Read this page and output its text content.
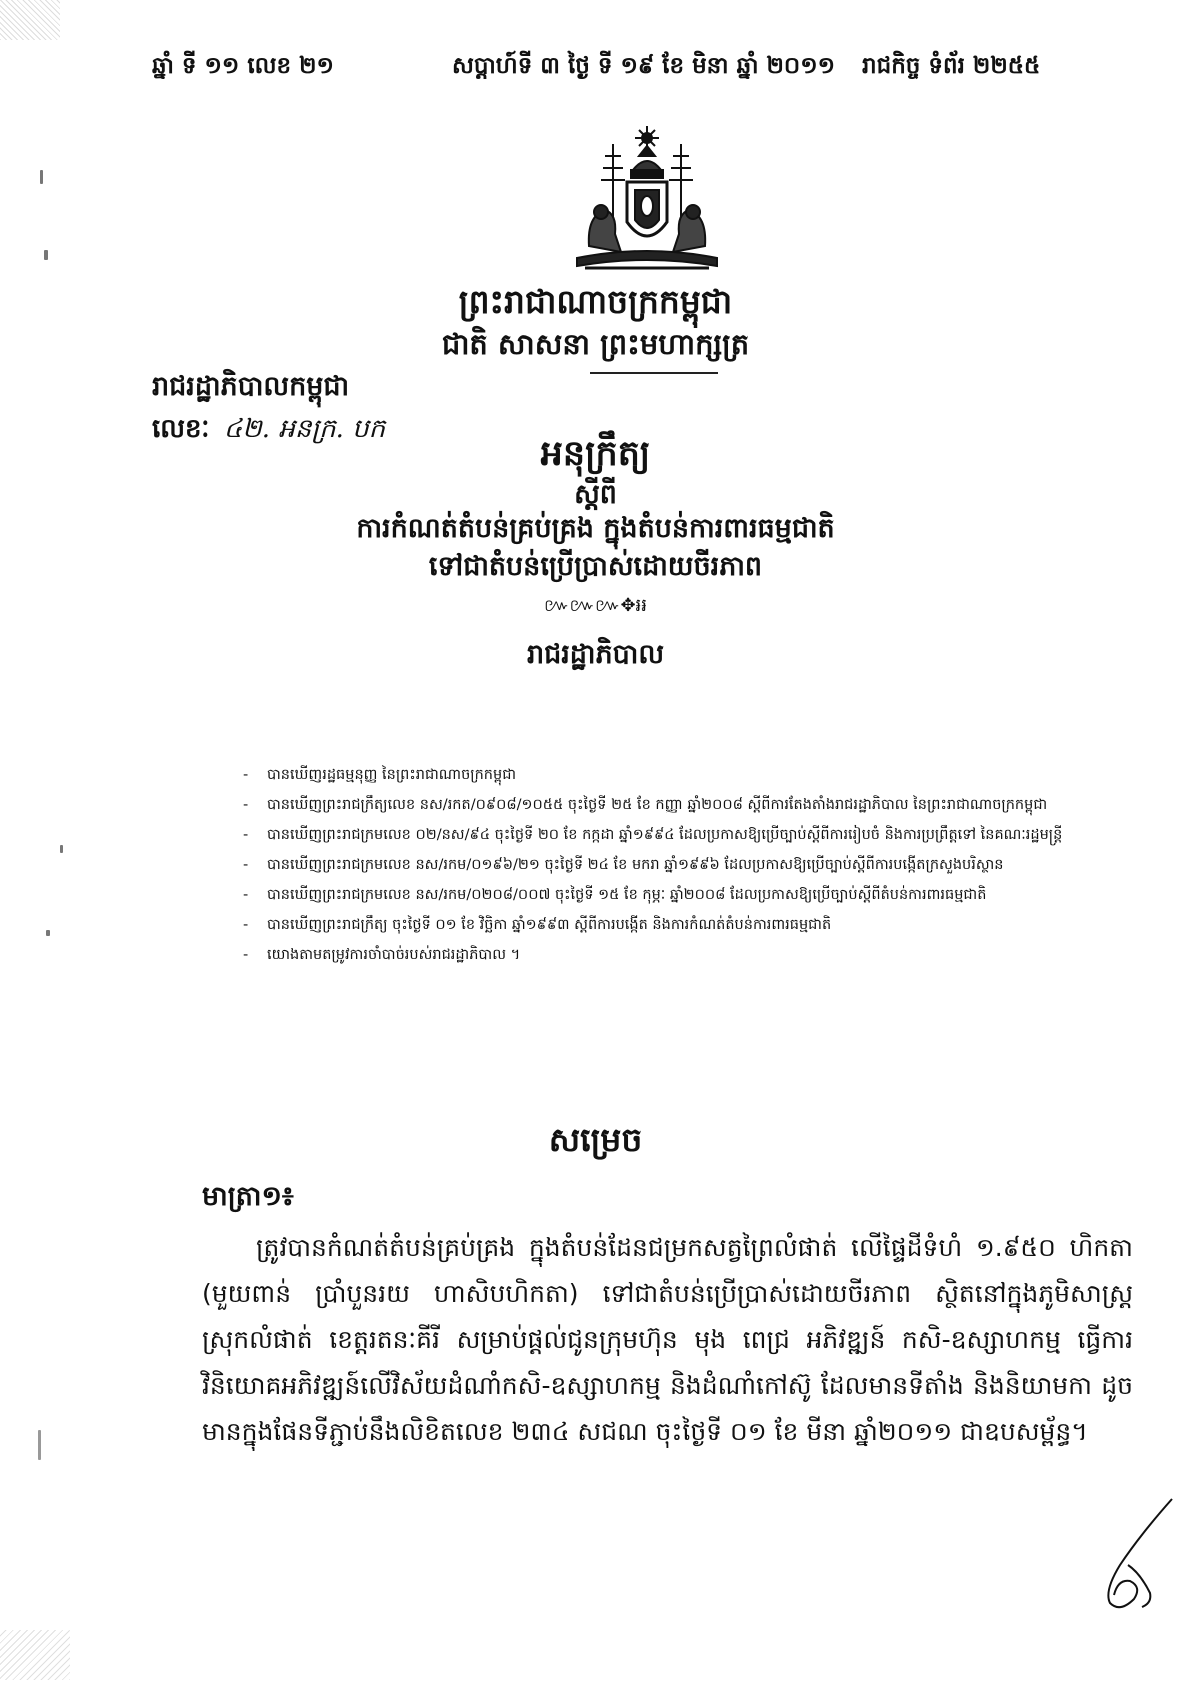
ឆ្នាំ ទី ១១ លេខ ២១	សប្តាហ៍ទី ៣ ថ្ងៃ ទី ១៩ ខែ មិនា ឆ្នាំ ២០១១ រាជកិច្ច ទំព័រ ២២៥៥
ព្រះរាជាណាចក្រកម្ពុជា
ជាតិ សាសនា ព្រះមហាក្សត្រ
រាជរដ្ឋាភិបាលកម្ពុជា
លេខៈ ៤២. អនក្រ. បក
អនុក្រឹត្យ
ស្តីពី
ការកំណត់តំបន់គ្រប់គ្រង ក្នុងតំបន់ការពារធម្មជាតិ
ទៅជាតំបន់ប្រើប្រាស់ដោយចីរភាព
៚៚៚✥៛៛
រាជរដ្ឋាភិបាល
- បានឃើញរដ្ឋធម្មនុញ្ញ នៃព្រះរាជាណាចក្រកម្ពុជា
- បានឃើញព្រះរាជក្រឹត្យលេខ នស/រកត/០៩០៨/១០៥៥ ចុះថ្ងៃទី ២៥ ខែ កញ្ញា ឆ្នាំ២០០៨ ស្តីពីការតែងតាំងរាជរដ្ឋាភិបាល នៃព្រះរាជាណាចក្រកម្ពុជា
- បានឃើញព្រះរាជក្រមលេខ ០២/នស/៩៤ ចុះថ្ងៃទី ២០ ខែ កក្កដា ឆ្នាំ១៩៩៤ ដែលប្រកាសឱ្យប្រើច្បាប់ស្តីពីការរៀបចំ និងការប្រព្រឹត្តទៅ នៃគណៈរដ្ឋមន្ត្រី
- បានឃើញព្រះរាជក្រមលេខ នស/រកម/០១៩៦/២១ ចុះថ្ងៃទី ២៤ ខែ មករា ឆ្នាំ១៩៩៦ ដែលប្រកាសឱ្យប្រើច្បាប់ស្តីពីការបង្កើតក្រសួងបរិស្ថាន
- បានឃើញព្រះរាជក្រមលេខ នស/រកម/០២០៨/០០៧ ចុះថ្ងៃទី ១៥ ខែ កុម្ភៈ ឆ្នាំ២០០៨ ដែលប្រកាសឱ្យប្រើច្បាប់ស្តីពីតំបន់ការពារធម្មជាតិ
- បានឃើញព្រះរាជក្រឹត្យ ចុះថ្ងៃទី ០១ ខែ វិច្ឆិកា ឆ្នាំ១៩៩៣ ស្តីពីការបង្កើត និងការកំណត់តំបន់ការពារធម្មជាតិ
- យោងតាមតម្រូវការចាំបាច់របស់រាជរដ្ឋាភិបាល ។
សម្រេច
មាត្រា១៖
ត្រូវបានកំណត់តំបន់គ្រប់គ្រង ក្នុងតំបន់ដែនជម្រកសត្វព្រៃលំផាត់ លើផ្ទៃដីទំហំ ១.៩៥០ ហិកតា (មួយពាន់ ប្រាំបួនរយ ហាសិបហិកតា) ទៅជាតំបន់ប្រើប្រាស់ដោយចីរភាព ស្ថិតនៅក្នុងភូមិសាស្ត្រស្រុកលំផាត់ ខេត្តរតនៈគីរី សម្រាប់ផ្តល់ជូនក្រុមហ៊ុន មុង ពេជ្រ អភិវឌ្ឍន៍ កសិ-ឧស្សាហកម្ម ធ្វើការវិនិយោគអភិវឌ្ឍន៍លើវិស័យដំណាំកសិ-ឧស្សាហកម្ម និងដំណាំកៅស៊ូ ដែលមានទីតាំង និងនិយាមកា ដូចមានក្នុងផែនទីភ្ជាប់នឹងលិខិតលេខ ២៣៤ សជណ ចុះថ្ងៃទី ០១ ខែ មីនា ឆ្នាំ២០១១ ជាឧបសម្ព័ន្ធ។
